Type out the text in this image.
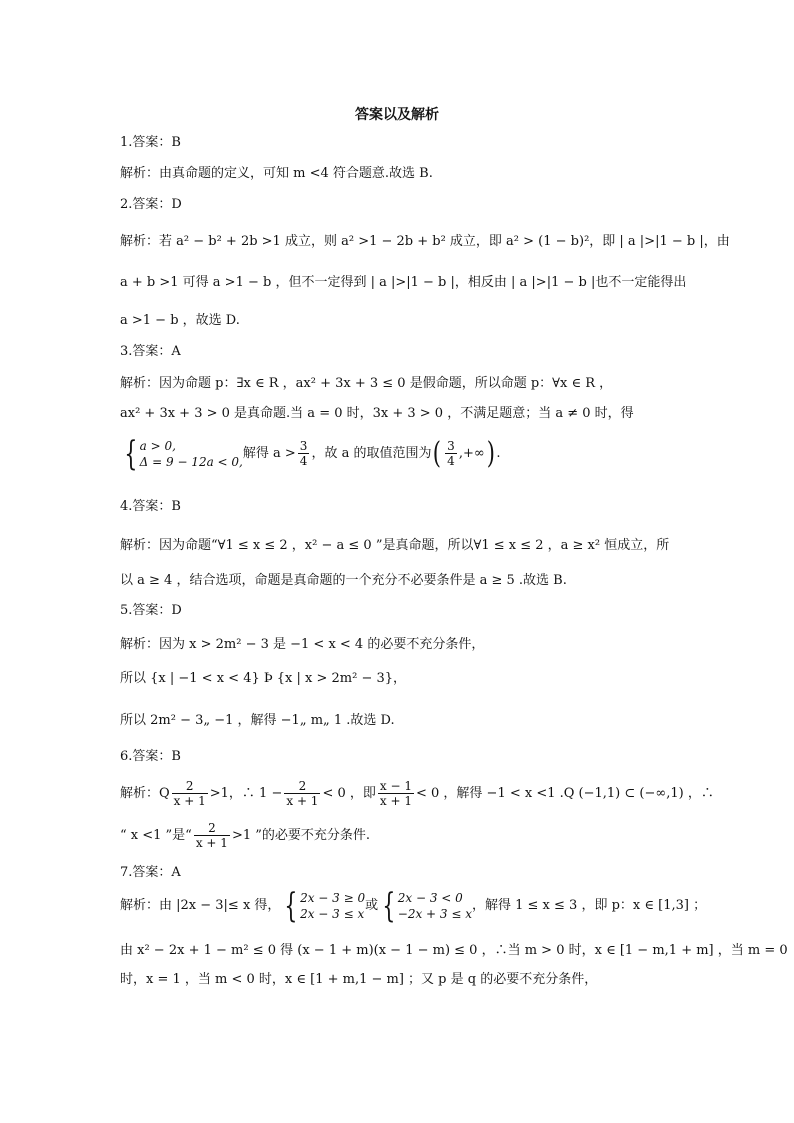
答案以及解析
1.答案：B
解析：由真命题的定义，可知 m <4 符合题意.故选 B.
2.答案：D
解析：若 a² − b² + 2b >1 成立，则 a² >1 − 2b + b² 成立，即 a² > (1 − b)²，即 | a |>|1 − b |，由
a + b >1 可得 a >1 − b ，但不一定得到 | a |>|1 − b |，相反由 | a |>|1 − b |也不一定能得出
a >1 − b ，故选 D.
3.答案：A
解析：因为命题 p：∃x ∈ R ，ax² + 3x + 3 ≤ 0 是假命题，所以命题 p：∀x ∈ R ，
ax² + 3x + 3 > 0 是真命题.当 a = 0 时，3x + 3 > 0 ，不满足题意；当 a ≠ 0 时，得
{ a > 0,
Δ = 9 − 12a < 0,
解得 $a > \frac{3}{4}$ ，故 a 的取值范围为( $\frac{3}{4}$ ,+∞) .
4.答案：B
解析：因为命题“∀1 ≤ x ≤ 2 ，x² − a ≤ 0 ”是真命题，所以∀1 ≤ x ≤ 2 ，a ≥ x² 恒成立，所
以 a ≥ 4 ，结合选项，命题是真命题的一个充分不必要条件是 a ≥ 5 .故选 B.
5.答案：D
解析：因为 x > 2m² − 3 是 −1 < x < 4 的必要不充分条件，
所以 {x | −1 < x < 4} Þ {x | x > 2m² − 3}，
所以 2m² − 3„ −1 ，解得 −1„ m„ 1 .故选 D.
6.答案：B
解析：Q $\frac{2}{x + 1} >1$，∴ $1 - \frac{2}{x + 1} < 0$ ，即 $\frac{x - 1}{x + 1} < 0$ ，解得 −1 < x <1 .Q (−1,1) ⊂ (−∞,1) ，∴
“ x <1 ”是“ $\frac{2}{x + 1} >1$ ”的必要不充分条件.
7.答案：A
解析：由 |2x − 3|≤ x 得， { 2x − 3 ≥ 0
2x − 3 ≤ x
或 { 2x − 3 < 0
−2x + 3 ≤ x
，解得 1 ≤ x ≤ 3 ，即 p：x ∈ [1,3] ；
由 x² − 2x + 1 − m² ≤ 0 得 (x − 1 + m)(x − 1 − m) ≤ 0 ，∴当 m > 0 时，x ∈ [1 − m,1 + m] ，当 m = 0
时，x = 1 ，当 m < 0 时，x ∈ [1 + m,1 − m] ；又 p 是 q 的必要不充分条件，
